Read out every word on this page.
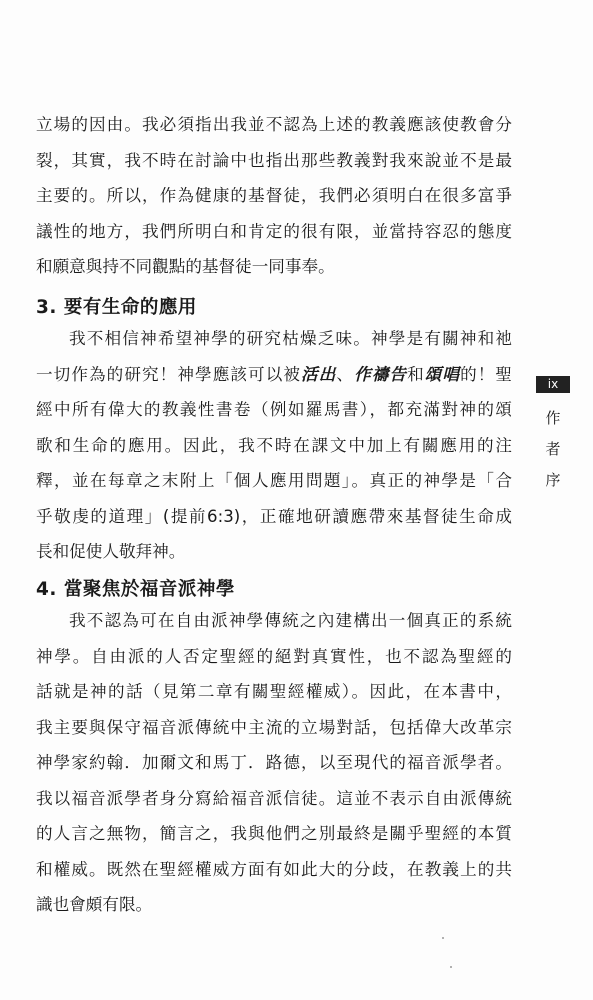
立場的因由。我必須指出我並不認為上述的教義應該使教會分
裂，其實，我不時在討論中也指出那些教義對我來說並不是最
主要的。所以，作為健康的基督徒，我們必須明白在很多富爭
議性的地方，我們所明白和肯定的很有限，並當持容忍的態度
和願意與持不同觀點的基督徒一同事奉。
3. 要有生命的應用
我不相信神希望神學的研究枯燥乏味。神學是有關神和祂
一切作為的研究！神學應該可以被活出、作禱告和頌唱的！聖
經中所有偉大的教義性書卷（例如羅馬書），都充滿對神的頌
歌和生命的應用。因此，我不時在課文中加上有關應用的注
釋，並在每章之末附上「個人應用問題」。真正的神學是「合
乎敬虔的道理」(提前6:3)，正確地研讀應帶來基督徒生命成
長和促使人敬拜神。
4. 當聚焦於福音派神學
我不認為可在自由派神學傳統之內建構出一個真正的系統
神學。自由派的人否定聖經的絕對真實性，也不認為聖經的
話就是神的話（見第二章有關聖經權威）。因此，在本書中，
我主要與保守福音派傳統中主流的立場對話，包括偉大改革宗
神學家約翰．加爾文和馬丁．路德，以至現代的福音派學者。
我以福音派學者身分寫給福音派信徒。這並不表示自由派傳統
的人言之無物，簡言之，我與他們之別最終是關乎聖經的本質
和權威。既然在聖經權威方面有如此大的分歧，在教義上的共
識也會頗有限。
ix
作
者
序
